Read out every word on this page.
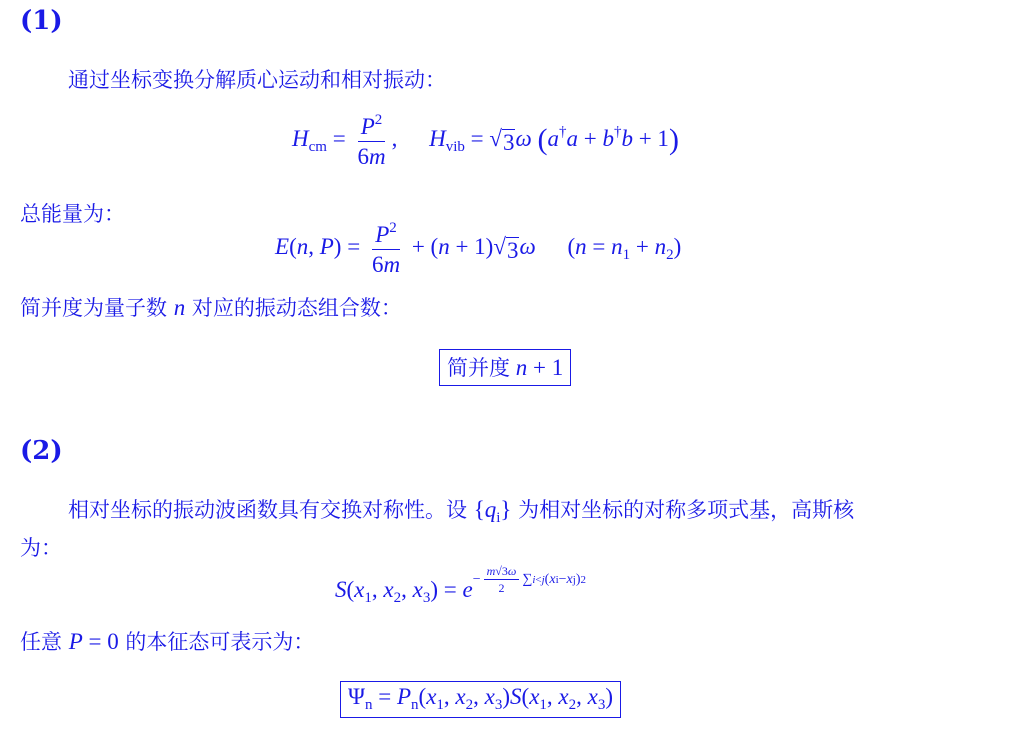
(1)
通过坐标变换分解质心运动和相对振动：
$H_{cm} = \frac{P^2}{6m}$ , $H_{vib}$ = √ 3 ω (a†a + b†b + 1)
总能量为：
E(n, $P) = \frac{P^2}{6m} + (n + 1)$ √ 3 ω $(n = n_1 + n_2)$
简并度为量子数 n 对应的振动态组合数：
简并度 n + 1
(2)
相对坐标的振动波函数具有交换对称性。设 $\{q_i\}$ 为相对坐标的对称多项式基，高斯核
为：
$S(x_1$, $x_2$, $x_3) = e- \frac{m√3\omega}{2}$ ∑ i<j ( x i − x j ) 2
任意 P = 0 的本征态可表示为：
$\Psi_n = P_n(x_1$, $x_2$, $x_3)S(x_1$, $x_2$, $x_3$)
